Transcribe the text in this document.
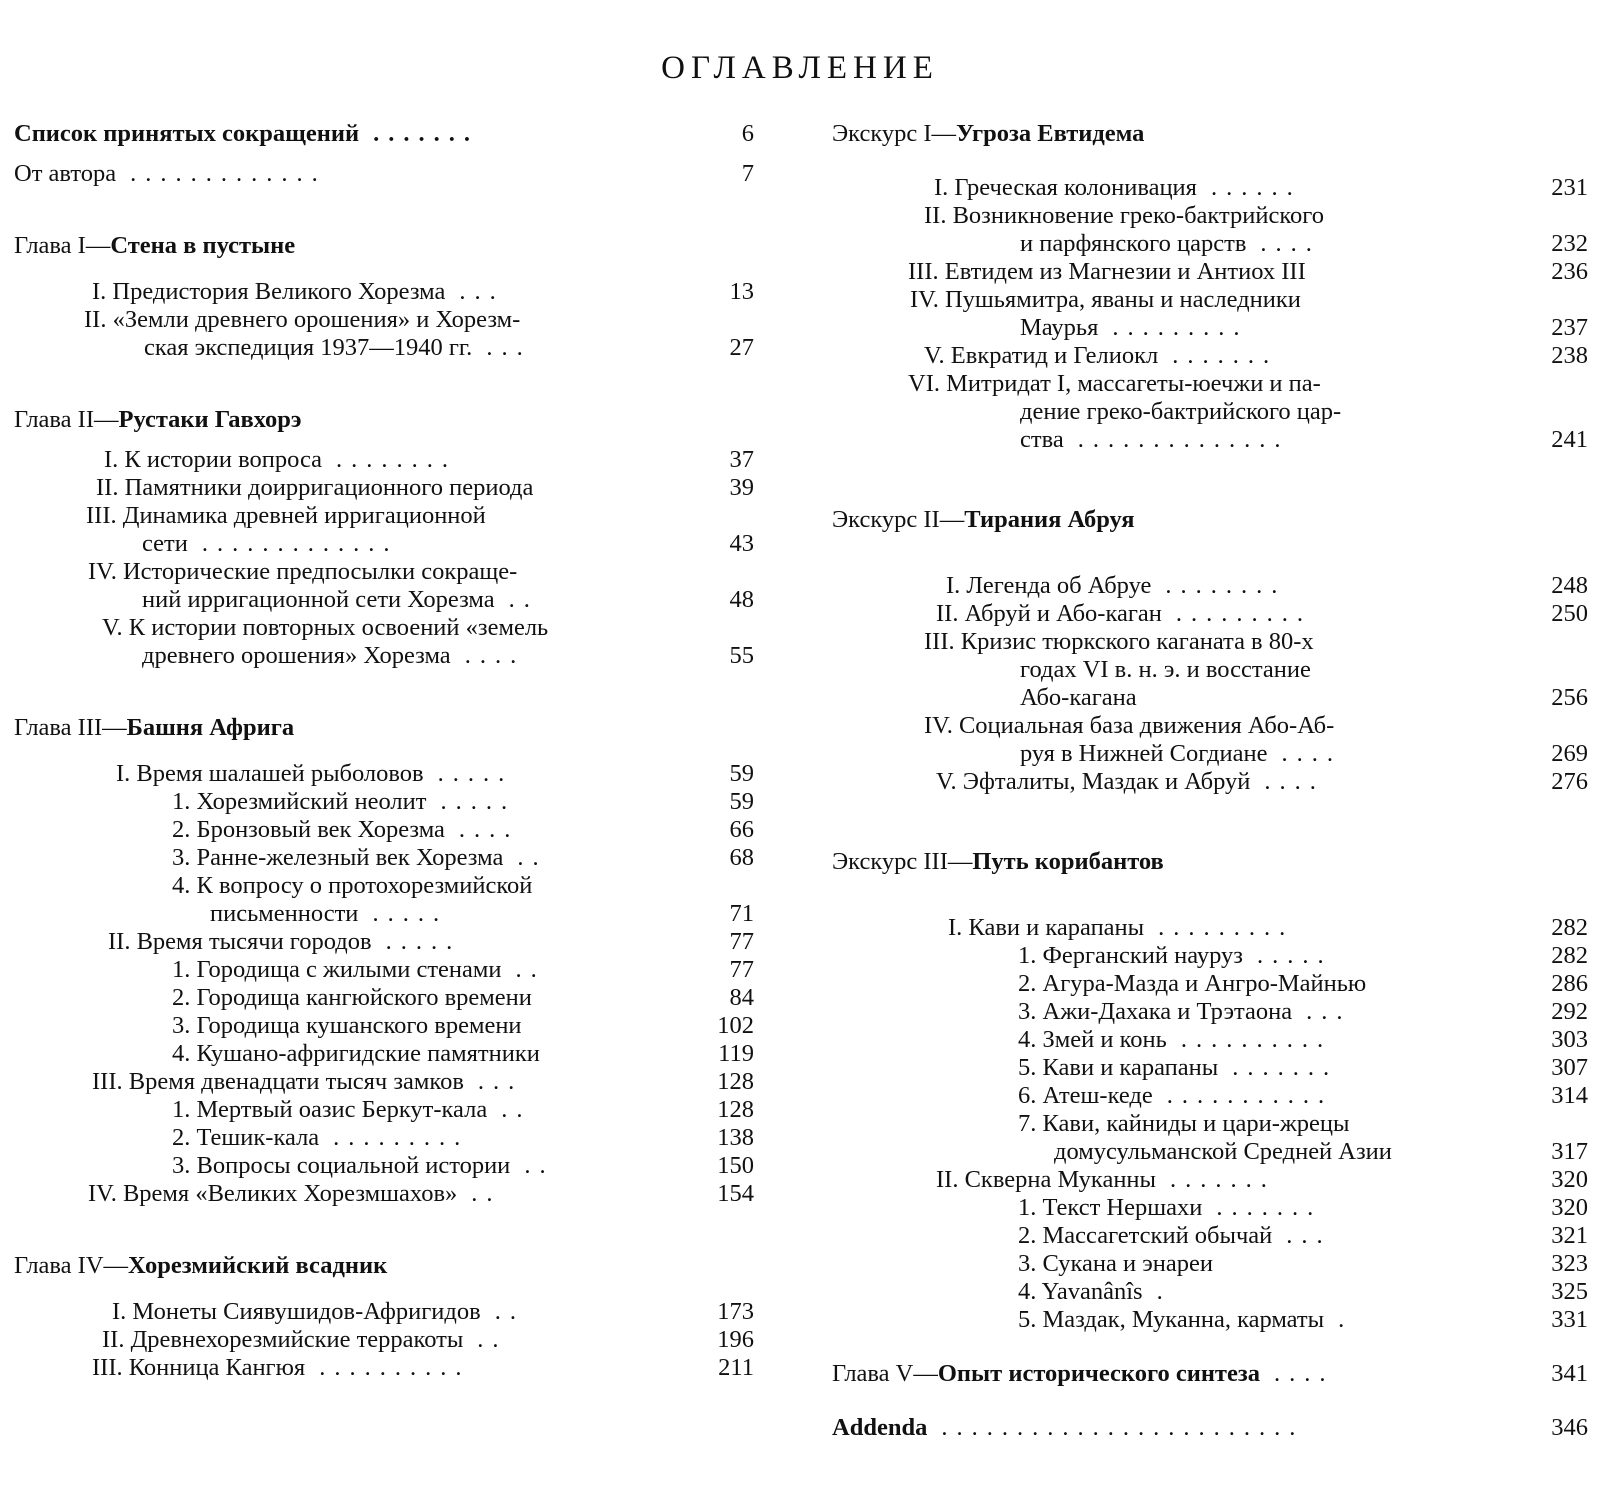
ОГЛАВЛЕНИЕ
Список принятых сокращений .......	6
От автора .............	7
Глава I—Стена в пустыне
I. Предистория Великого Хорезма ...	13
II. «Земли древнего орошения» и Хорезм-
ская экспедиция 1937—1940 гг. ...	27
Глава II—Рустаки Гавхорэ
I. К истории вопроса ........	37
II. Памятники доирригационного периода	39
III. Динамика древней ирригационной
сети .............	43
IV. Исторические предпосылки сокраще-
ний ирригационной сети Хорезма ..	48
V. К истории повторных освоений «земель
древнего орошения» Хорезма ....	55
Глава III—Башня Африга
I. Время шалашей рыболовов .....	59
1. Хорезмийский неолит .....	59
2. Бронзовый век Хорезма ....	66
3. Ранне-железный век Хорезма ..	68
4. К вопросу о протохорезмийской
письменности .....	71
II. Время тысячи городов .....	77
1. Городища с жилыми стенами ..	77
2. Городища кангюйского времени	84
3. Городища кушанского времени	102
4. Кушано-афригидские памятники	119
III. Время двенадцати тысяч замков ...	128
1. Мертвый оазис Беркут-кала ..	128
2. Тешик-кала .........	138
3. Вопросы социальной истории ..	150
IV. Время «Великих Хорезмшахов» ..	154
Глава IV—Хорезмийский всадник
I. Монеты Сиявушидов-Афригидов ..	173
II. Древнехорезмийские терракоты ..	196
III. Конница Кангюя ..........	211
Экскурс I—Угроза Евтидема
I. Греческая колонивация ......	231
II. Возникновение греко-бактрийского
и парфянского царств ....	232
III. Евтидем из Магнезии и Антиох III	236
IV. Пушьямитра, яваны и наследники
Маурья .........	237
V. Евкратид и Гелиокл .......	238
VI. Митридат I, массагеты-юечжи и па-
дение греко-бактрийского цар-
ства ..............	241
Экскурс II—Тирания Абруя
I. Легенда об Абруе ........	248
II. Абруй и Або-каган .........	250
III. Кризис тюркского каганата в 80-х
годах VI в. н. э. и восстание
Або-кагана	256
IV. Социальная база движения Або-Аб-
руя в Нижней Согдиане ....	269
V. Эфталиты, Маздак и Абруй ....	276
Экскурс III—Путь корибантов
I. Кави и карапаны .........	282
1. Ферганский науруз .....	282
2. Агура-Мазда и Ангро-Майнью	286
3. Ажи-Дахака и Трэтаона ...	292
4. Змей и конь ..........	303
5. Кави и карапаны .......	307
6. Атеш-кеде ...........	314
7. Кави, кайниды и цари-жрецы
домусульманской Средней Азии	317
II. Скверна Муканны .......	320
1. Текст Нершахи .......	320
2. Массагетский обычай ...	321
3. Сукана и энареи	323
4. Yavanânîs .	325
5. Маздак, Муканна, карматы .	331
Глава V—Опыт исторического синтеза ....	341
Addenda ........................	346
